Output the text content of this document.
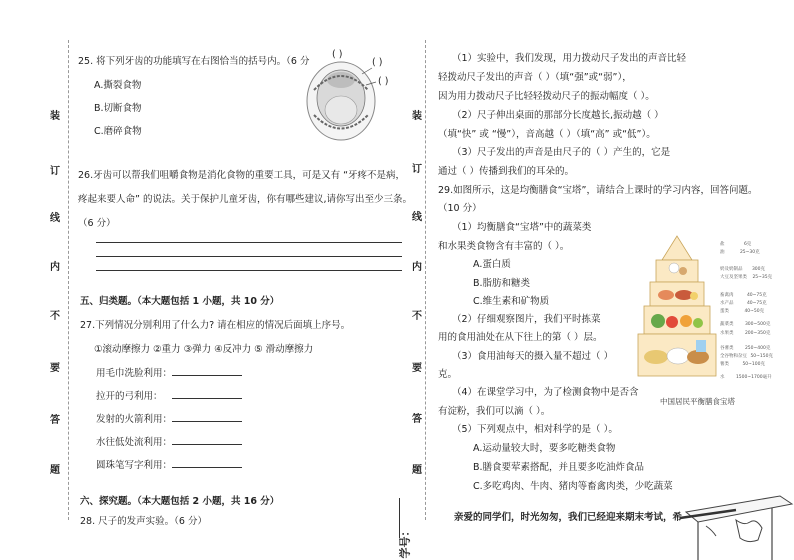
装
订
线
内
不
要
答
题
装
订
线
内
不
要
答
题
25. 将下列牙齿的功能填写在右图恰当的括号内。（6 分
A.撕裂食物
B.切断食物
C.磨碎食物
( )
( )
( )
26.牙齿可以帮我们咀嚼食物是消化食物的重要工具，可是又有 “牙疼不是病，
疼起来要人命” 的说法。关于保护儿童牙齿，你有哪些建议,请你写出至少三条。
（6 分）
五、归类题。（本大题包括 1 小题，共 10 分）
27.下列情况分别利用了什么力? 请在相应的情况后面填上序号。
①滚动摩擦力 ②重力 ③弹力 ④反冲力 ⑤ 滑动摩擦力
用毛巾洗脸利用：
拉开的弓利用：
发射的火箭利用：
水往低处流利用：
圆珠笔写字利用：
六、探究题。（本大题包括 2 小题，共 16 分）
28. 尺子的发声实验。（6 分）
学号：
（1）实验中，我们发现，用力拨动尺子发出的声音比轻
轻拨动尺子发出的声音（ ）（填“强”或“弱”），
因为用力拨动尺子比轻轻拨动尺子的振动幅度（ ）。
（2）尺子伸出桌面的那部分长度越长,振动越（ ）
（填“快” 或 “慢”），音高越（ ）（填“高” 或“低”）。
（3）尺子发出的声音是由尺子的（ ）产生的，它是
通过（ ）传播到我们的耳朵的。
29.如图所示，这是均衡膳食“宝塔”，请结合上课时的学习内容，回答问题。
（10 分）
（1）均衡膳食“宝塔”中的蔬菜类
和水果类食物含有丰富的（ ）。
A.蛋白质
B.脂肪和糖类
C.维生素和矿物质
（2）仔细观察图片，我们平时拣菜
用的食用油处在从下往上的第（ ）层。
（3）食用油每天的摄入量不超过（ ）
克。
（4）在课堂学习中，为了检测食物中是否含
有淀粉，我们可以滴（ ）。
（5）下列观点中，相对科学的是（ ）。
A.运动量较大时，要多吃糖类食物
B.膳食要荤素搭配，并且要多吃油炸食品
C.多吃鸡肉、牛肉、猪肉等畜禽肉类，少吃蔬菜
盐	6克
油	25~30克
奶及奶制品 300克
大豆及坚果类 25~35克
畜禽肉	40~75克
水产品	40~75克
蛋类	40~50克
蔬菜类	300~500克
水果类	200~350克
谷薯类	250~400克
全谷物和杂豆 50~150克
薯类	50~100克
水	1500~1700毫升
中国居民平衡膳食宝塔
亲爱的同学们，时光匆匆，我们已经迎来期末考试，希
